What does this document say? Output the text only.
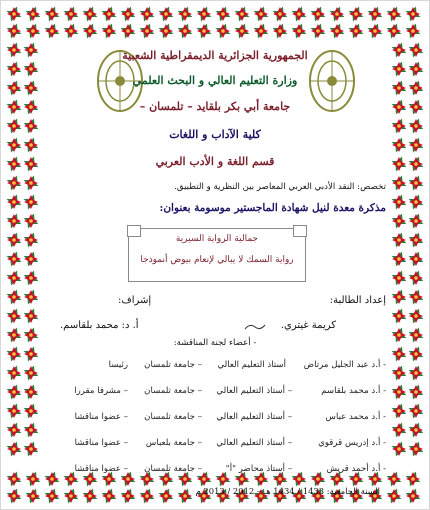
الجمهورية الجزائرية الديمقراطية الشعبية
وزارة التعليم العالي و البحث العلمي
جامعة أبي بكر بلقايد – تلمسان –
كلية الآداب و اللغات
قسم اللغة و الأدب العربي
تخصص: النقد الأدبي العربي المعاصر بين النظرية و التطبيق.
مذكرة معدة لنيل شهادة الماجستير موسومة بعنوان:
جمالية الرواية السيرية
رواية السمك لا يبالي لإنعام بيوض أنموذجا
إعداد الطالبة:
إشراف:
كريمة غيتري.
أ. د: محمد بلقاسم.
- أعضاء لجنة المناقشة:
- أ.د عبد الجليل مرتاض
أستاذ التعليم العالي
– جامعة تلمسان
رئيسا
- أ.د محمد بلقاسم
– أستاذ التعليم العالي
– جامعة تلمسان
– مشرفا مقررا
- أ.د محمد عباس
– أستاذ التعليم العالي
– جامعة تلمسان
– عضوا مناقشا
- أ.د إدريس قرقوي
– أستاذ التعليم العالي
– جامعة بلعباس
– عضوا مناقشا
- أ.د أحمد قريش
– أستاذ محاضر "أ"
– جامعة تلمسان
– عضوا مناقشا
السنة الجامعية: 1433 / 1434 هـ – 2012 / 2013 م
